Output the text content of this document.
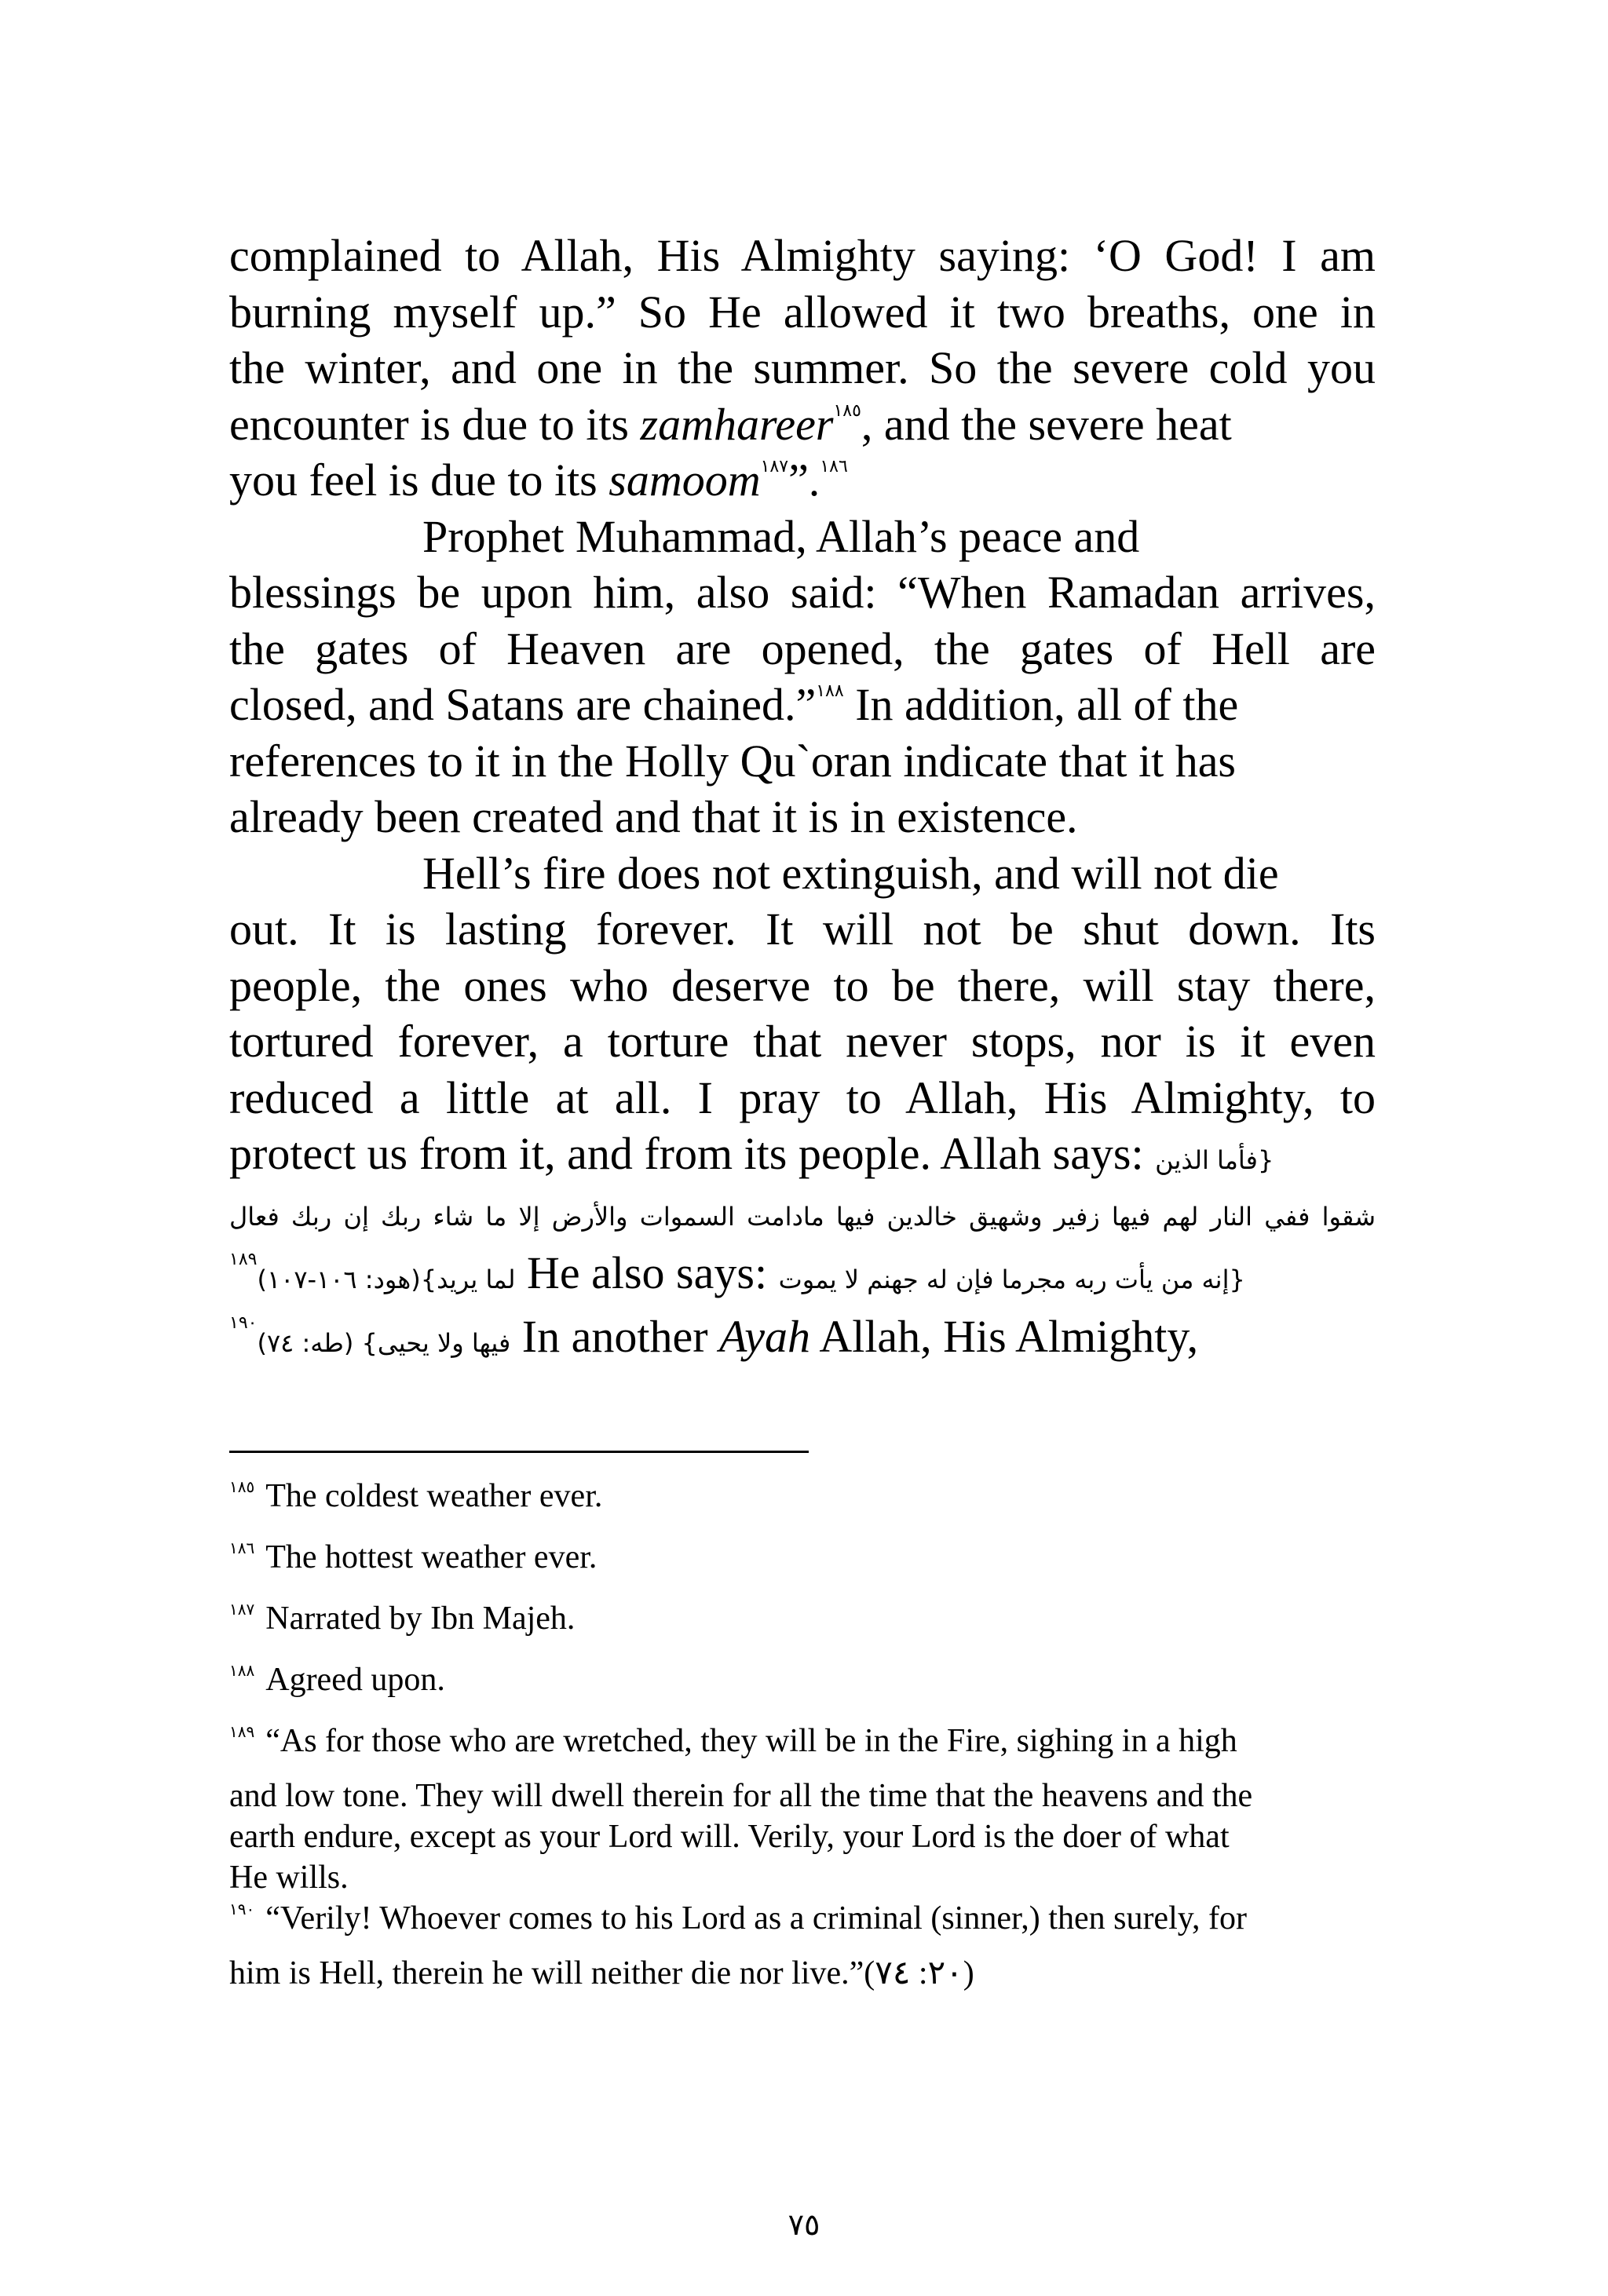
complained to Allah, His Almighty saying: ‘O God! I am
burning myself up.” So He allowed it two breaths, one in
the winter, and one in the summer. So the severe cold you
encounter is due to its zamhareer$^{١٨٥}$, and the severe heat
you feel is due to its samoom	$^{١٨٦}$.”$^{١٨٧}$
Prophet Muhammad, Allah’s peace and
blessings be upon him, also said: “When Ramadan arrives,
the gates of Heaven are opened, the gates of Hell are
closed, and Satans are chained.”$^{١٨٨}$ In addition, all of the
references to it in the Holly Qu`oran indicate that it has
already been created and that it is in existence.
Hell’s fire does not extinguish, and will not die
out. It is lasting forever. It will not be shut down. Its
people, the ones who deserve to be there, will stay there,
tortured forever, a torture that never stops, nor is it even
reduced a little at all. I pray to Allah, His Almighty, to
protect us from it, and from its people. Allah says: {فأما الذين
شقوا ففي النار لهم فيها زفير وشهيق خالدين فيها مادامت السموات والأرض إلا ما شاء ربك إن ربك فعال
$^{١٨٩}$لما يريد}(هود: ١٠٦-١٠٧) He also says: {إنه من يأت ربه مجرما فإن له جهنم لا يموت
$^{١٩٠}$فيها ولا يحيى} (طه: ٧٤) In another Ayah Allah, His Almighty,
$^{١٨٥}$ The coldest weather ever.
$^{١٨٦}$ The hottest weather ever.
$^{١٨٧}$ Narrated by Ibn Majeh.
$^{١٨٨}$ Agreed upon.
$^{١٨٩}$ “As for those who are wretched, they will be in the Fire, sighing in a high
and low tone. They will dwell therein for all the time that the heavens and the
earth endure, except as your Lord will. Verily, your Lord is the doer of what
He wills.
$^{١٩٠}$ “Verily! Whoever comes to his Lord as a criminal (sinner,) then surely, for
him is Hell, therein he will neither die nor live.”(٢٠: ٧٤)
٧٥
